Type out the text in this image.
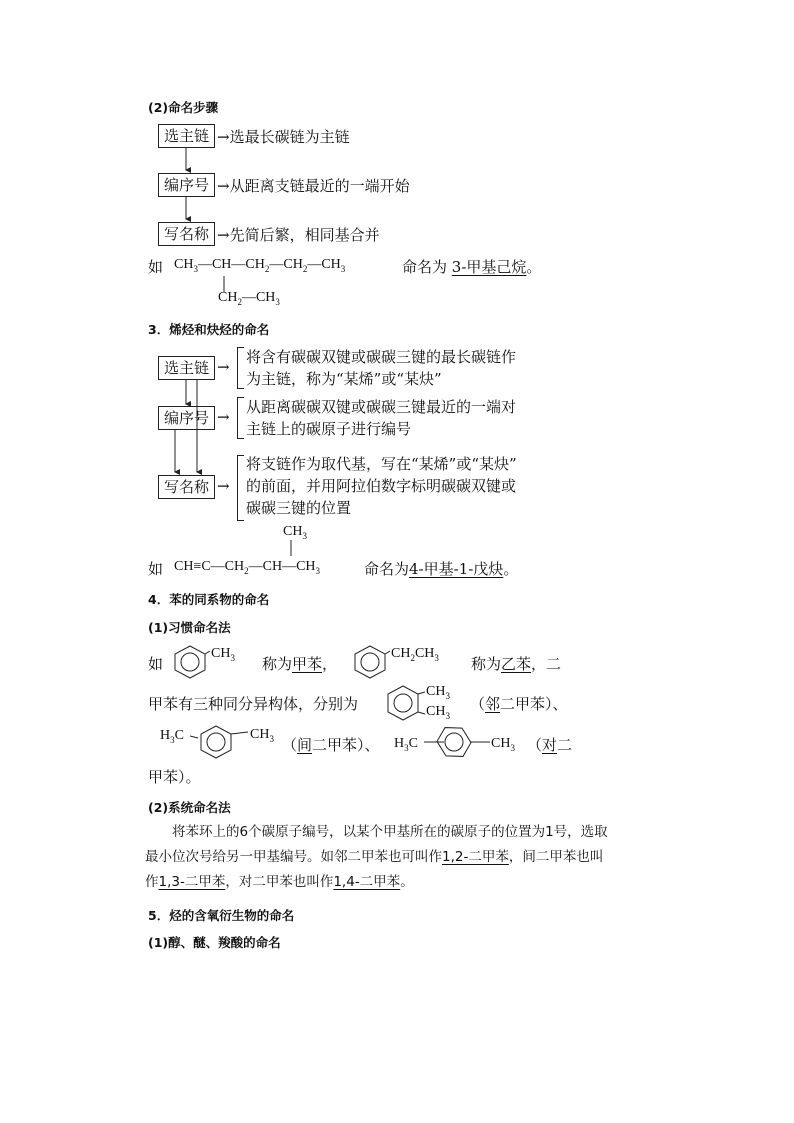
(2)命名步骤
选主链 →选最长碳链为主链
编序号 →从距离支链最近的一端开始
写名称 →先简后繁，相同基合并
如 $CH_3—CH—CH_2—CH_2—CH_3$
$CH_2—CH_3$
命名为 3-甲基己烷。
3．烯烃和炔烃的命名
选主链 →
将含有碳碳双键或碳碳三键的最长碳链作
为主链，称为“某烯”或“某炔”
编序号 →
从距离碳碳双键或碳碳三键最近的一端对
主链上的碳原子进行编号
写名称 →
将支链作为取代基，写在“某烯”或“某炔”
的前面，并用阿拉伯数字标明碳碳双键或
碳碳三键的位置
$CH_3$
如 $CH\equiv C—CH_2—CH—CH_3$	命名为4-甲基-1-戊炔。
4．苯的同系物的命名
(1)习惯命名法
如
$CH_3$ 称为甲苯，
$CH_2CH_3$ 称为乙苯，二
甲苯有三种同分异构体，分别为
$CH_3$
$CH_3$
（邻二甲苯）、
$H_3C$	$CH_3$ （间二甲苯）、 $H_3C$	$CH_3$ （对二
甲苯）。
(2)系统命名法
将苯环上的6个碳原子编号，以某个甲基所在的碳原子的位置为1号，选取最小位次号给另一甲基编号。如邻二甲苯也可叫作1,2-二甲苯，间二甲苯也叫作1,3-二甲苯，对二甲苯也叫作1,4-二甲苯。
5．烃的含氧衍生物的命名
(1)醇、醚、羧酸的命名
